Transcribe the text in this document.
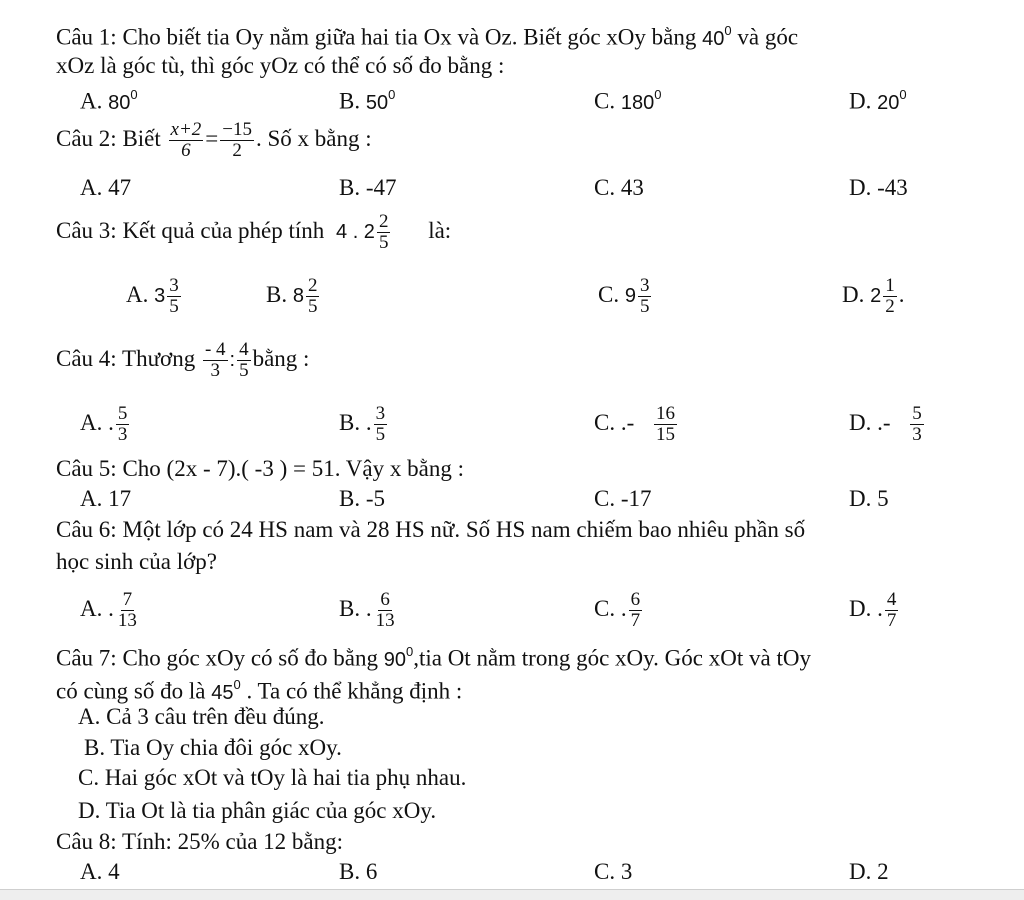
Câu 1: Cho biết tia Oy nằm giữa hai tia Ox và Oz. Biết góc xOy bằng $40^0$ và góc
xOz là góc tù, thì góc yOz có thể có số đo bằng :
A. $80^0$	B. $50^0$	C. $180^0$	D. $20^0$
Câu 2: Biết $\frac{x+2}{6} = \frac{-15}{2}$ . Số x bằng :
A. 47	B. -47	C. 43	D. -43
Câu 3: Kết quả của phép tính 4 . $2 \frac{2}{5}$ là:
A. $3 \frac{3}{5}$	B. $8 \frac{2}{5}$	C. $9 \frac{3}{5}$	D. $2 \frac{1}{2}$ .
Câu 4: Thương $\frac{- 4}{3}$ : $\frac{4}{5}$ bằng :
A. . $\frac{5}{3}$	B. . $\frac{3}{5}$	C. .- $\frac{16}{15}$	D. .- $\frac{5}{3}$
Câu 5: Cho (2x - 7).( -3 ) = 51. Vậy x bằng :
A. 17	B. -5	C. -17	D. 5
Câu 6: Một lớp có 24 HS nam và 28 HS nữ. Số HS nam chiếm bao nhiêu phần số
học sinh của lớp?
A. . $\frac{7}{13}$	B. . $\frac{6}{13}$	C. . $\frac{6}{7}$	D. . $\frac{4}{7}$
Câu 7: Cho góc xOy có số đo bằng $90^0,tia$ Ot nằm trong góc xOy. Góc xOt và tOy
có cùng số đo là $45^0$ . Ta có thể khẳng định :
A. Cả 3 câu trên đều đúng.
B. Tia Oy chia đôi góc xOy.
C. Hai góc xOt và tOy là hai tia phụ nhau.
D. Tia Ot là tia phân giác của góc xOy.
Câu 8: Tính: 25% của 12 bằng:
A. 4	B. 6	C. 3	D. 2
